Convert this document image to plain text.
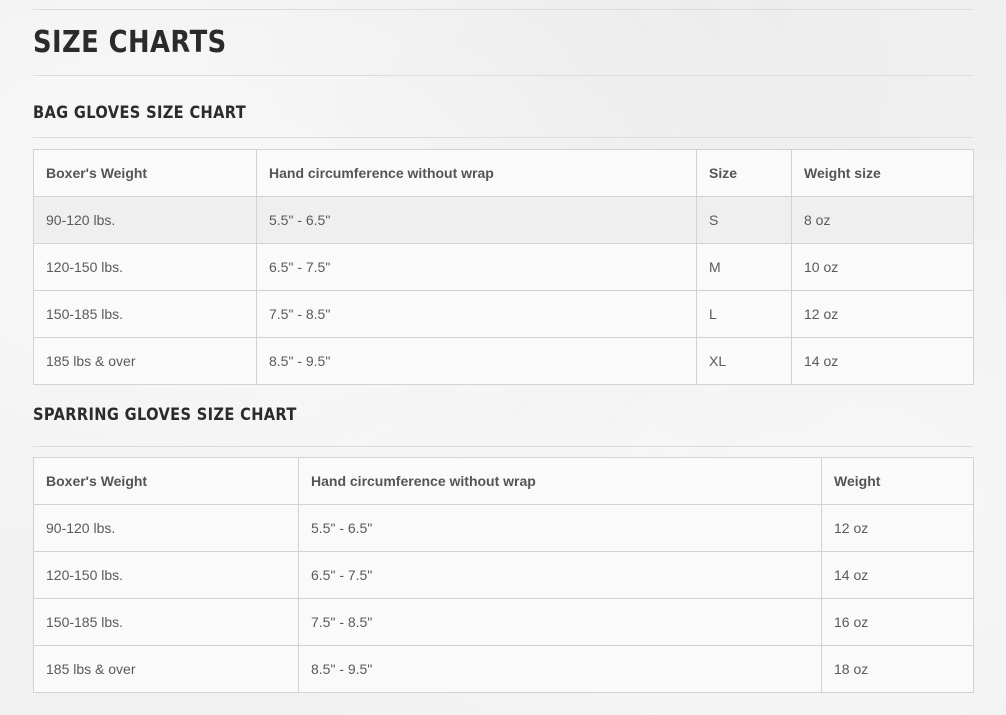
SIZE CHARTS
BAG GLOVES SIZE CHART
Boxer's Weight	Hand circumference without wrap	Size	Weight size
90-120 lbs.	5.5" - 6.5"	S	8 oz
120-150 lbs.	6.5" - 7.5"	M	10 oz
150-185 lbs.	7.5" - 8.5"	L	12 oz
185 lbs & over	8.5" - 9.5"	XL	14 oz
SPARRING GLOVES SIZE CHART
Boxer's Weight	Hand circumference without wrap	Weight
90-120 lbs.	5.5" - 6.5"	12 oz
120-150 lbs.	6.5" - 7.5"	14 oz
150-185 lbs.	7.5" - 8.5"	16 oz
185 lbs & over	8.5" - 9.5"	18 oz
